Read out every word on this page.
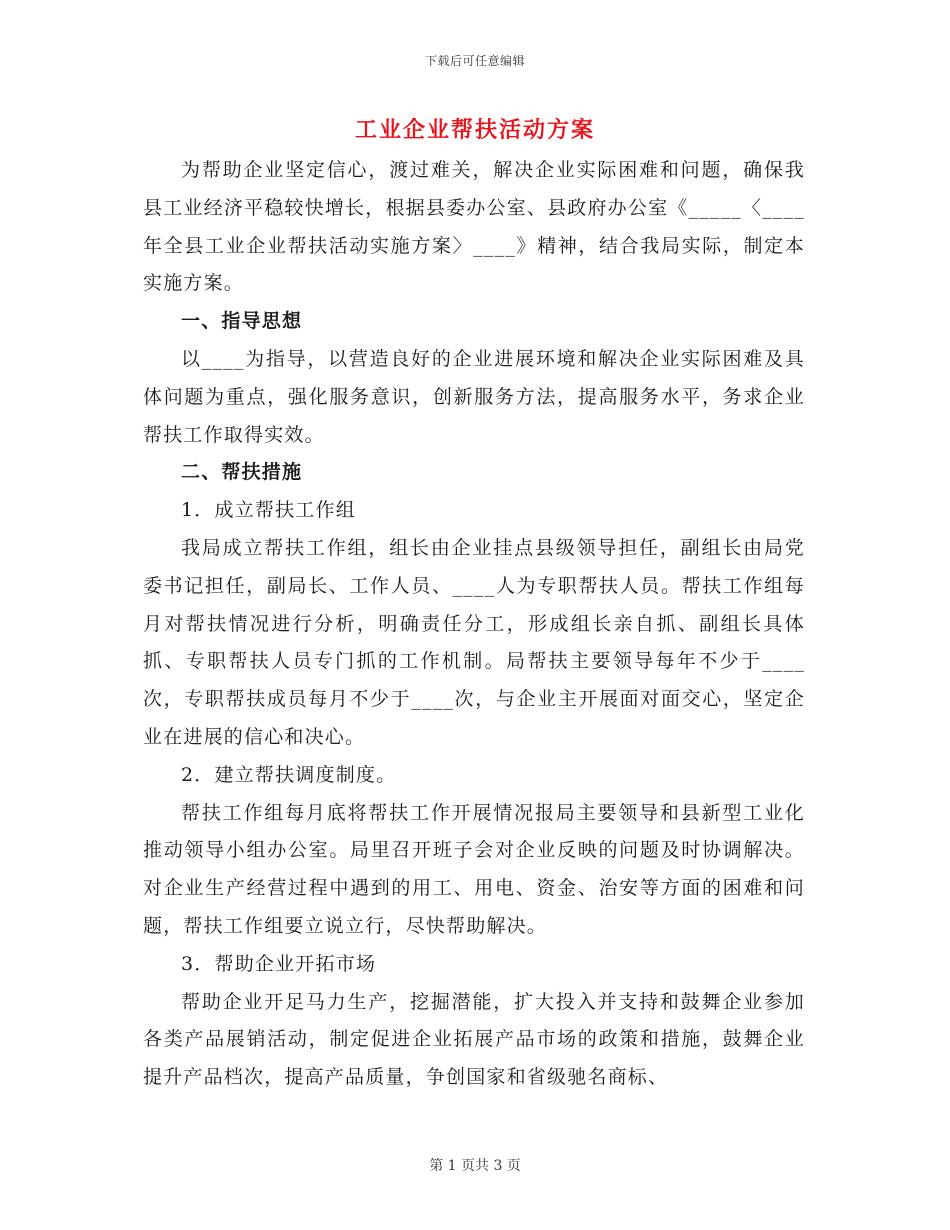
下载后可任意编辑
工业企业帮扶活动方案

为帮助企业坚定信心，渡过难关，解决企业实际困难和问题，确保我县工业经济平稳较快增长，根据县委办公室、县政府办公室《_____〈____年全县工业企业帮扶活动实施方案〉____》精神，结合我局实际，制定本实施方案。

一、指导思想

以____为指导，以营造良好的企业进展环境和解决企业实际困难及具体问题为重点，强化服务意识，创新服务方法，提高服务水平，务求企业帮扶工作取得实效。

二、帮扶措施

1．成立帮扶工作组

我局成立帮扶工作组，组长由企业挂点县级领导担任，副组长由局党委书记担任，副局长、工作人员、____人为专职帮扶人员。帮扶工作组每月对帮扶情况进行分析，明确责任分工，形成组长亲自抓、副组长具体抓、专职帮扶人员专门抓的工作机制。局帮扶主要领导每年不少于____次，专职帮扶成员每月不少于____次，与企业主开展面对面交心，坚定企业在进展的信心和决心。

2．建立帮扶调度制度。

帮扶工作组每月底将帮扶工作开展情况报局主要领导和县新型工业化推动领导小组办公室。局里召开班子会对企业反映的问题及时协调解决。对企业生产经营过程中遇到的用工、用电、资金、治安等方面的困难和问题，帮扶工作组要立说立行，尽快帮助解决。

3．帮助企业开拓市场

帮助企业开足马力生产，挖掘潜能，扩大投入并支持和鼓舞企业参加各类产品展销活动，制定促进企业拓展产品市场的政策和措施，鼓舞企业提升产品档次，提高产品质量，争创国家和省级驰名商标、

第 1 页共 3 页
